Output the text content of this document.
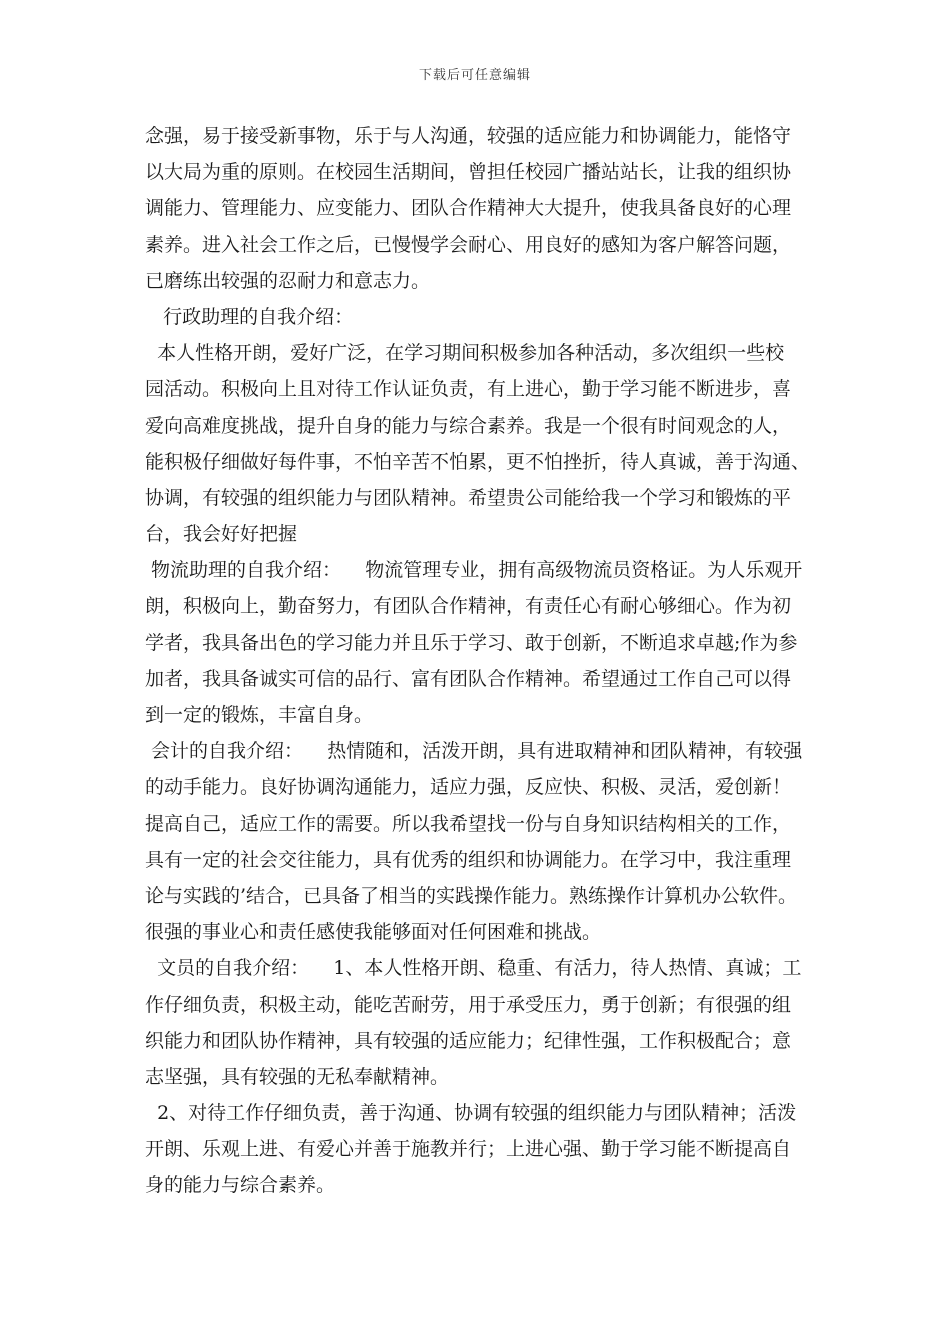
下载后可任意编辑
念强，易于接受新事物，乐于与人沟通，较强的适应能力和协调能力，能恪守
以大局为重的原则。在校园生活期间，曾担任校园广播站站长，让我的组织协
调能力、管理能力、应变能力、团队合作精神大大提升，使我具备良好的心理
素养。进入社会工作之后，已慢慢学会耐心、用良好的感知为客户解答问题，
已磨练出较强的忍耐力和意志力。
行政助理的自我介绍：
本人性格开朗，爱好广泛，在学习期间积极参加各种活动，多次组织一些校
园活动。积极向上且对待工作认证负责，有上进心，勤于学习能不断进步，喜
爱向高难度挑战，提升自身的能力与综合素养。我是一个很有时间观念的人，
能积极仔细做好每件事，不怕辛苦不怕累，更不怕挫折，待人真诚，善于沟通、
协调，有较强的组织能力与团队精神。希望贵公司能给我一个学习和锻炼的平
台，我会好好把握
物流助理的自我介绍：    物流管理专业，拥有高级物流员资格证。为人乐观开
朗，积极向上，勤奋努力，有团队合作精神，有责任心有耐心够细心。作为初
学者，我具备出色的学习能力并且乐于学习、敢于创新，不断追求卓越;作为参
加者，我具备诚实可信的品行、富有团队合作精神。希望通过工作自己可以得
到一定的锻炼，丰富自身。
会计的自我介绍：    热情随和，活泼开朗，具有进取精神和团队精神，有较强
的动手能力。良好协调沟通能力，适应力强，反应快、积极、灵活，爱创新！
提高自己，适应工作的需要。所以我希望找一份与自身知识结构相关的工作，
具有一定的社会交往能力，具有优秀的组织和协调能力。在学习中，我注重理
论与实践的’结合，已具备了相当的实践操作能力。熟练操作计算机办公软件。
很强的事业心和责任感使我能够面对任何困难和挑战。
文员的自我介绍：    1、本人性格开朗、稳重、有活力，待人热情、真诚；工
作仔细负责，积极主动，能吃苦耐劳，用于承受压力，勇于创新；有很强的组
织能力和团队协作精神，具有较强的适应能力；纪律性强，工作积极配合；意
志坚强，具有较强的无私奉献精神。
2、对待工作仔细负责，善于沟通、协调有较强的组织能力与团队精神；活泼
开朗、乐观上进、有爱心并善于施教并行；上进心强、勤于学习能不断提高自
身的能力与综合素养。
